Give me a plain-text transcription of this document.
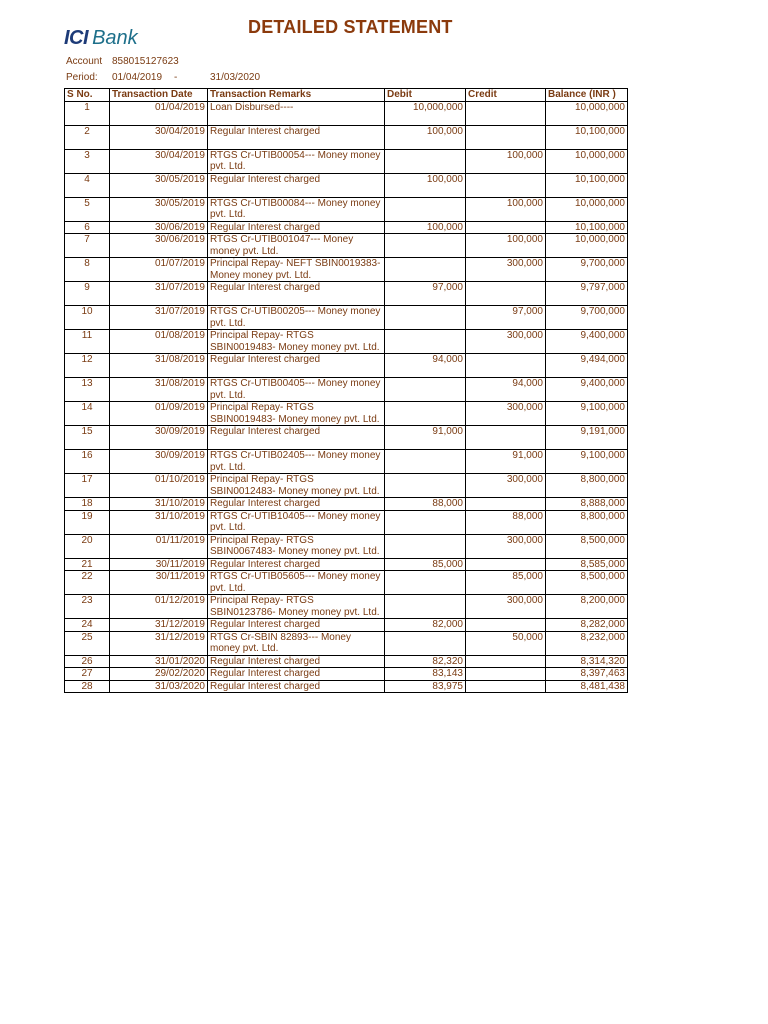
ICI Bank	DETAILED STATEMENT
Account 858015127623
Period: 01/04/2019 -	31/03/2020
S No.	Transaction Date	Transaction Remarks	Debit	Credit	Balance (INR )
1	01/04/2019	Loan Disbursed----	10,000,000		10,000,000
2	30/04/2019	Regular Interest charged	100,000		10,100,000
3	30/04/2019	RTGS Cr-UTIB00054--- Money money pvt. Ltd.		100,000	10,000,000
4	30/05/2019	Regular Interest charged	100,000		10,100,000
5	30/05/2019	RTGS Cr-UTIB00084--- Money money pvt. Ltd.		100,000	10,000,000
6	30/06/2019	Regular Interest charged	100,000		10,100,000
7	30/06/2019	RTGS Cr-UTIB001047--- Money money pvt. Ltd.		100,000	10,000,000
8	01/07/2019	Principal Repay- NEFT SBIN0019383- Money money pvt. Ltd.		300,000	9,700,000
9	31/07/2019	Regular Interest charged	97,000		9,797,000
10	31/07/2019	RTGS Cr-UTIB00205--- Money money pvt. Ltd.		97,000	9,700,000
11	01/08/2019	Principal Repay- RTGS SBIN0019483- Money money pvt. Ltd.		300,000	9,400,000
12	31/08/2019	Regular Interest charged	94,000		9,494,000
13	31/08/2019	RTGS Cr-UTIB00405--- Money money pvt. Ltd.		94,000	9,400,000
14	01/09/2019	Principal Repay- RTGS SBIN0019483- Money money pvt. Ltd.		300,000	9,100,000
15	30/09/2019	Regular Interest charged	91,000		9,191,000
16	30/09/2019	RTGS Cr-UTIB02405--- Money money pvt. Ltd.		91,000	9,100,000
17	01/10/2019	Principal Repay- RTGS SBIN0012483- Money money pvt. Ltd.		300,000	8,800,000
18	31/10/2019	Regular Interest charged	88,000		8,888,000
19	31/10/2019	RTGS Cr-UTIB10405--- Money money pvt. Ltd.		88,000	8,800,000
20	01/11/2019	Principal Repay- RTGS SBIN0067483- Money money pvt. Ltd.		300,000	8,500,000
21	30/11/2019	Regular Interest charged	85,000		8,585,000
22	30/11/2019	RTGS Cr-UTIB05605--- Money money pvt. Ltd.		85,000	8,500,000
23	01/12/2019	Principal Repay- RTGS SBIN0123786- Money money pvt. Ltd.		300,000	8,200,000
24	31/12/2019	Regular Interest charged	82,000		8,282,000
25	31/12/2019	RTGS Cr-SBIN 82893--- Money money pvt. Ltd.		50,000	8,232,000
26	31/01/2020	Regular Interest charged	82,320		8,314,320
27	29/02/2020	Regular Interest charged	83,143		8,397,463
28	31/03/2020	Regular Interest charged	83,975		8,481,438
